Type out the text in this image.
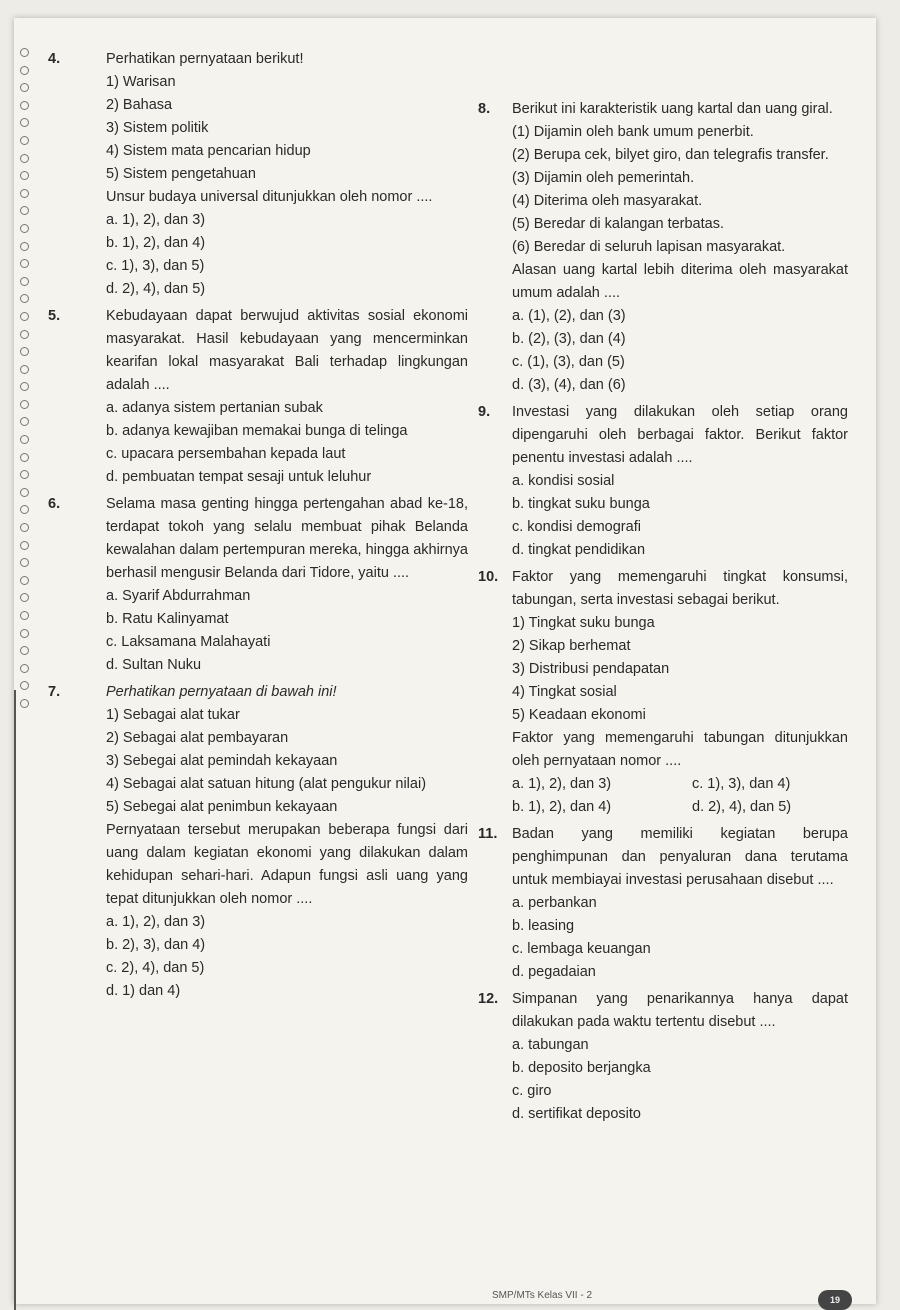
4.	Perhatikan pernyataan berikut!
1) Warisan
2) Bahasa
3) Sistem politik
4) Sistem mata pencarian hidup
5) Sistem pengetahuan
Unsur budaya universal ditunjukkan oleh nomor ....
a. 1), 2), dan 3)
b. 1), 2), dan 4)
c. 1), 3), dan 5)
d. 2), 4), dan 5)
5.	Kebudayaan dapat berwujud aktivitas sosial ekonomi masyarakat. Hasil kebudayaan yang mencerminkan kearifan lokal masyarakat Bali terhadap lingkungan adalah ....
a. adanya sistem pertanian subak
b. adanya kewajiban memakai bunga di telinga
c. upacara persembahan kepada laut
d. pembuatan tempat sesaji untuk leluhur
6.	Selama masa genting hingga pertengahan abad ke-18, terdapat tokoh yang selalu membuat pihak Belanda kewalahan dalam pertempuran mereka, hingga akhirnya berhasil mengusir Belanda dari Tidore, yaitu ....
a. Syarif Abdurrahman
b. Ratu Kalinyamat
c. Laksamana Malahayati
d. Sultan Nuku
7.	Perhatikan pernyataan di bawah ini!
1) Sebagai alat tukar
2) Sebagai alat pembayaran
3) Sebegai alat pemindah kekayaan
4) Sebagai alat satuan hitung (alat pengukur nilai)
5) Sebegai alat penimbun kekayaan
Pernyataan tersebut merupakan beberapa fungsi dari uang dalam kegiatan ekonomi yang dilakukan dalam kehidupan sehari-hari. Adapun fungsi asli uang yang tepat ditunjukkan oleh nomor ....
a. 1), 2), dan 3)
b. 2), 3), dan 4)
c. 2), 4), dan 5)
d. 1) dan 4)
8.	Berikut ini karakteristik uang kartal dan uang giral.
(1) Dijamin oleh bank umum penerbit.
(2) Berupa cek, bilyet giro, dan telegrafis transfer.
(3) Dijamin oleh pemerintah.
(4) Diterima oleh masyarakat.
(5) Beredar di kalangan terbatas.
(6) Beredar di seluruh lapisan masyarakat.
Alasan uang kartal lebih diterima oleh masyarakat umum adalah ....
a. (1), (2), dan (3)
b. (2), (3), dan (4)
c. (1), (3), dan (5)
d. (3), (4), dan (6)
9.	Investasi yang dilakukan oleh setiap orang dipengaruhi oleh berbagai faktor. Berikut faktor penentu investasi adalah ....
a. kondisi sosial
b. tingkat suku bunga
c. kondisi demografi
d. tingkat pendidikan
10. Faktor yang memengaruhi tingkat konsumsi, tabungan, serta investasi sebagai berikut.
1) Tingkat suku bunga
2) Sikap berhemat
3) Distribusi pendapatan
4) Tingkat sosial
5) Keadaan ekonomi
Faktor yang memengaruhi tabungan ditunjukkan oleh pernyataan nomor ....
a. 1), 2), dan 3)	c. 1), 3), dan 4)
b. 1), 2), dan 4)	d. 2), 4), dan 5)
11.	Badan yang memiliki kegiatan berupa penghimpunan dan penyaluran dana terutama untuk membiayai investasi perusahaan disebut ....
a. perbankan
b. leasing
c. lembaga keuangan
d. pegadaian
12. Simpanan yang penarikannya hanya dapat dilakukan pada waktu tertentu disebut ....
a. tabungan
b. deposito berjangka
c. giro
d. sertifikat deposito
19
SMP/MTs Kelas VII - 2
